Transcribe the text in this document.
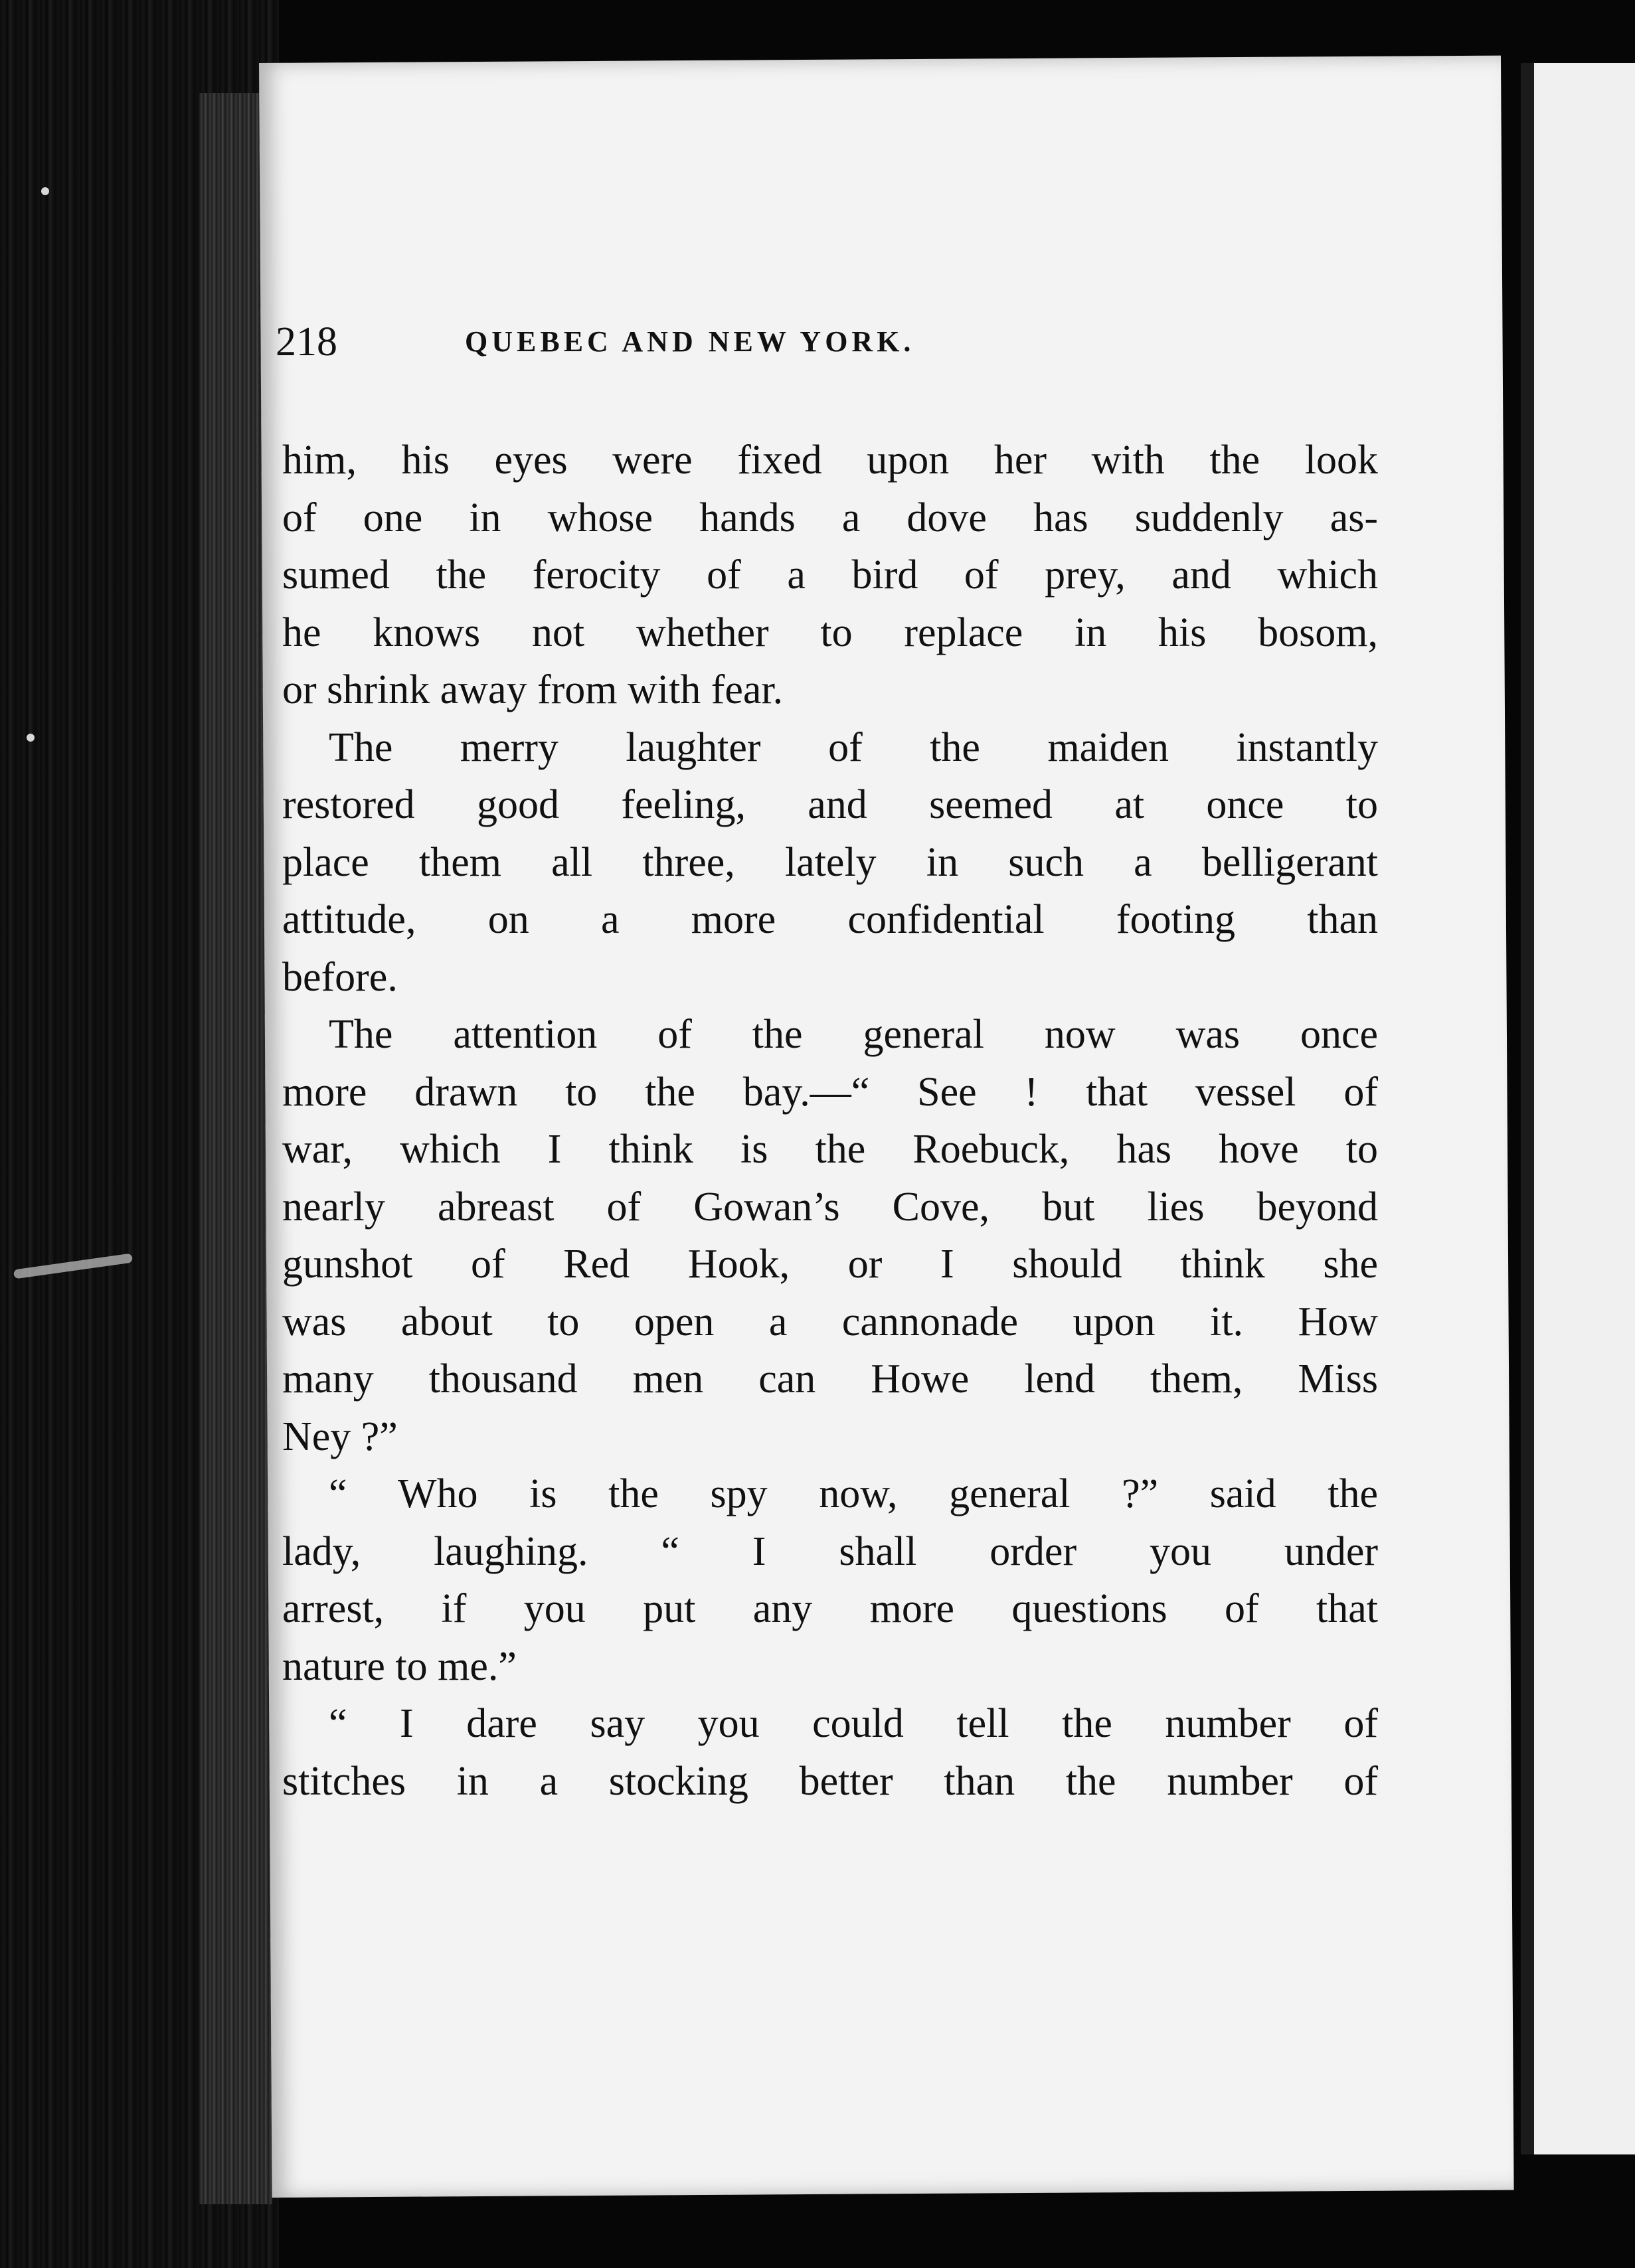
218	QUEBEC AND NEW YORK.
him, his eyes were fixed upon her with the look
of one in whose hands a dove has suddenly as-
sumed the ferocity of a bird of prey, and which
he knows not whether to replace in his bosom,
or shrink away from with fear.
The merry laughter of the maiden instantly
restored good feeling, and seemed at once to
place them all three, lately in such a belligerant
attitude, on a more confidential footing than
before.
The attention of the general now was once
more drawn to the bay.—“ See ! that vessel of
war, which I think is the Roebuck, has hove to
nearly abreast of Gowan’s Cove, but lies beyond
gunshot of Red Hook, or I should think she
was about to open a cannonade upon it. How
many thousand men can Howe lend them, Miss
Ney ?”
“ Who is the spy now, general ?” said the
lady, laughing. “ I shall order you under
arrest, if you put any more questions of that
nature to me.”
“ I dare say you could tell the number of
stitches in a stocking better than the number of
